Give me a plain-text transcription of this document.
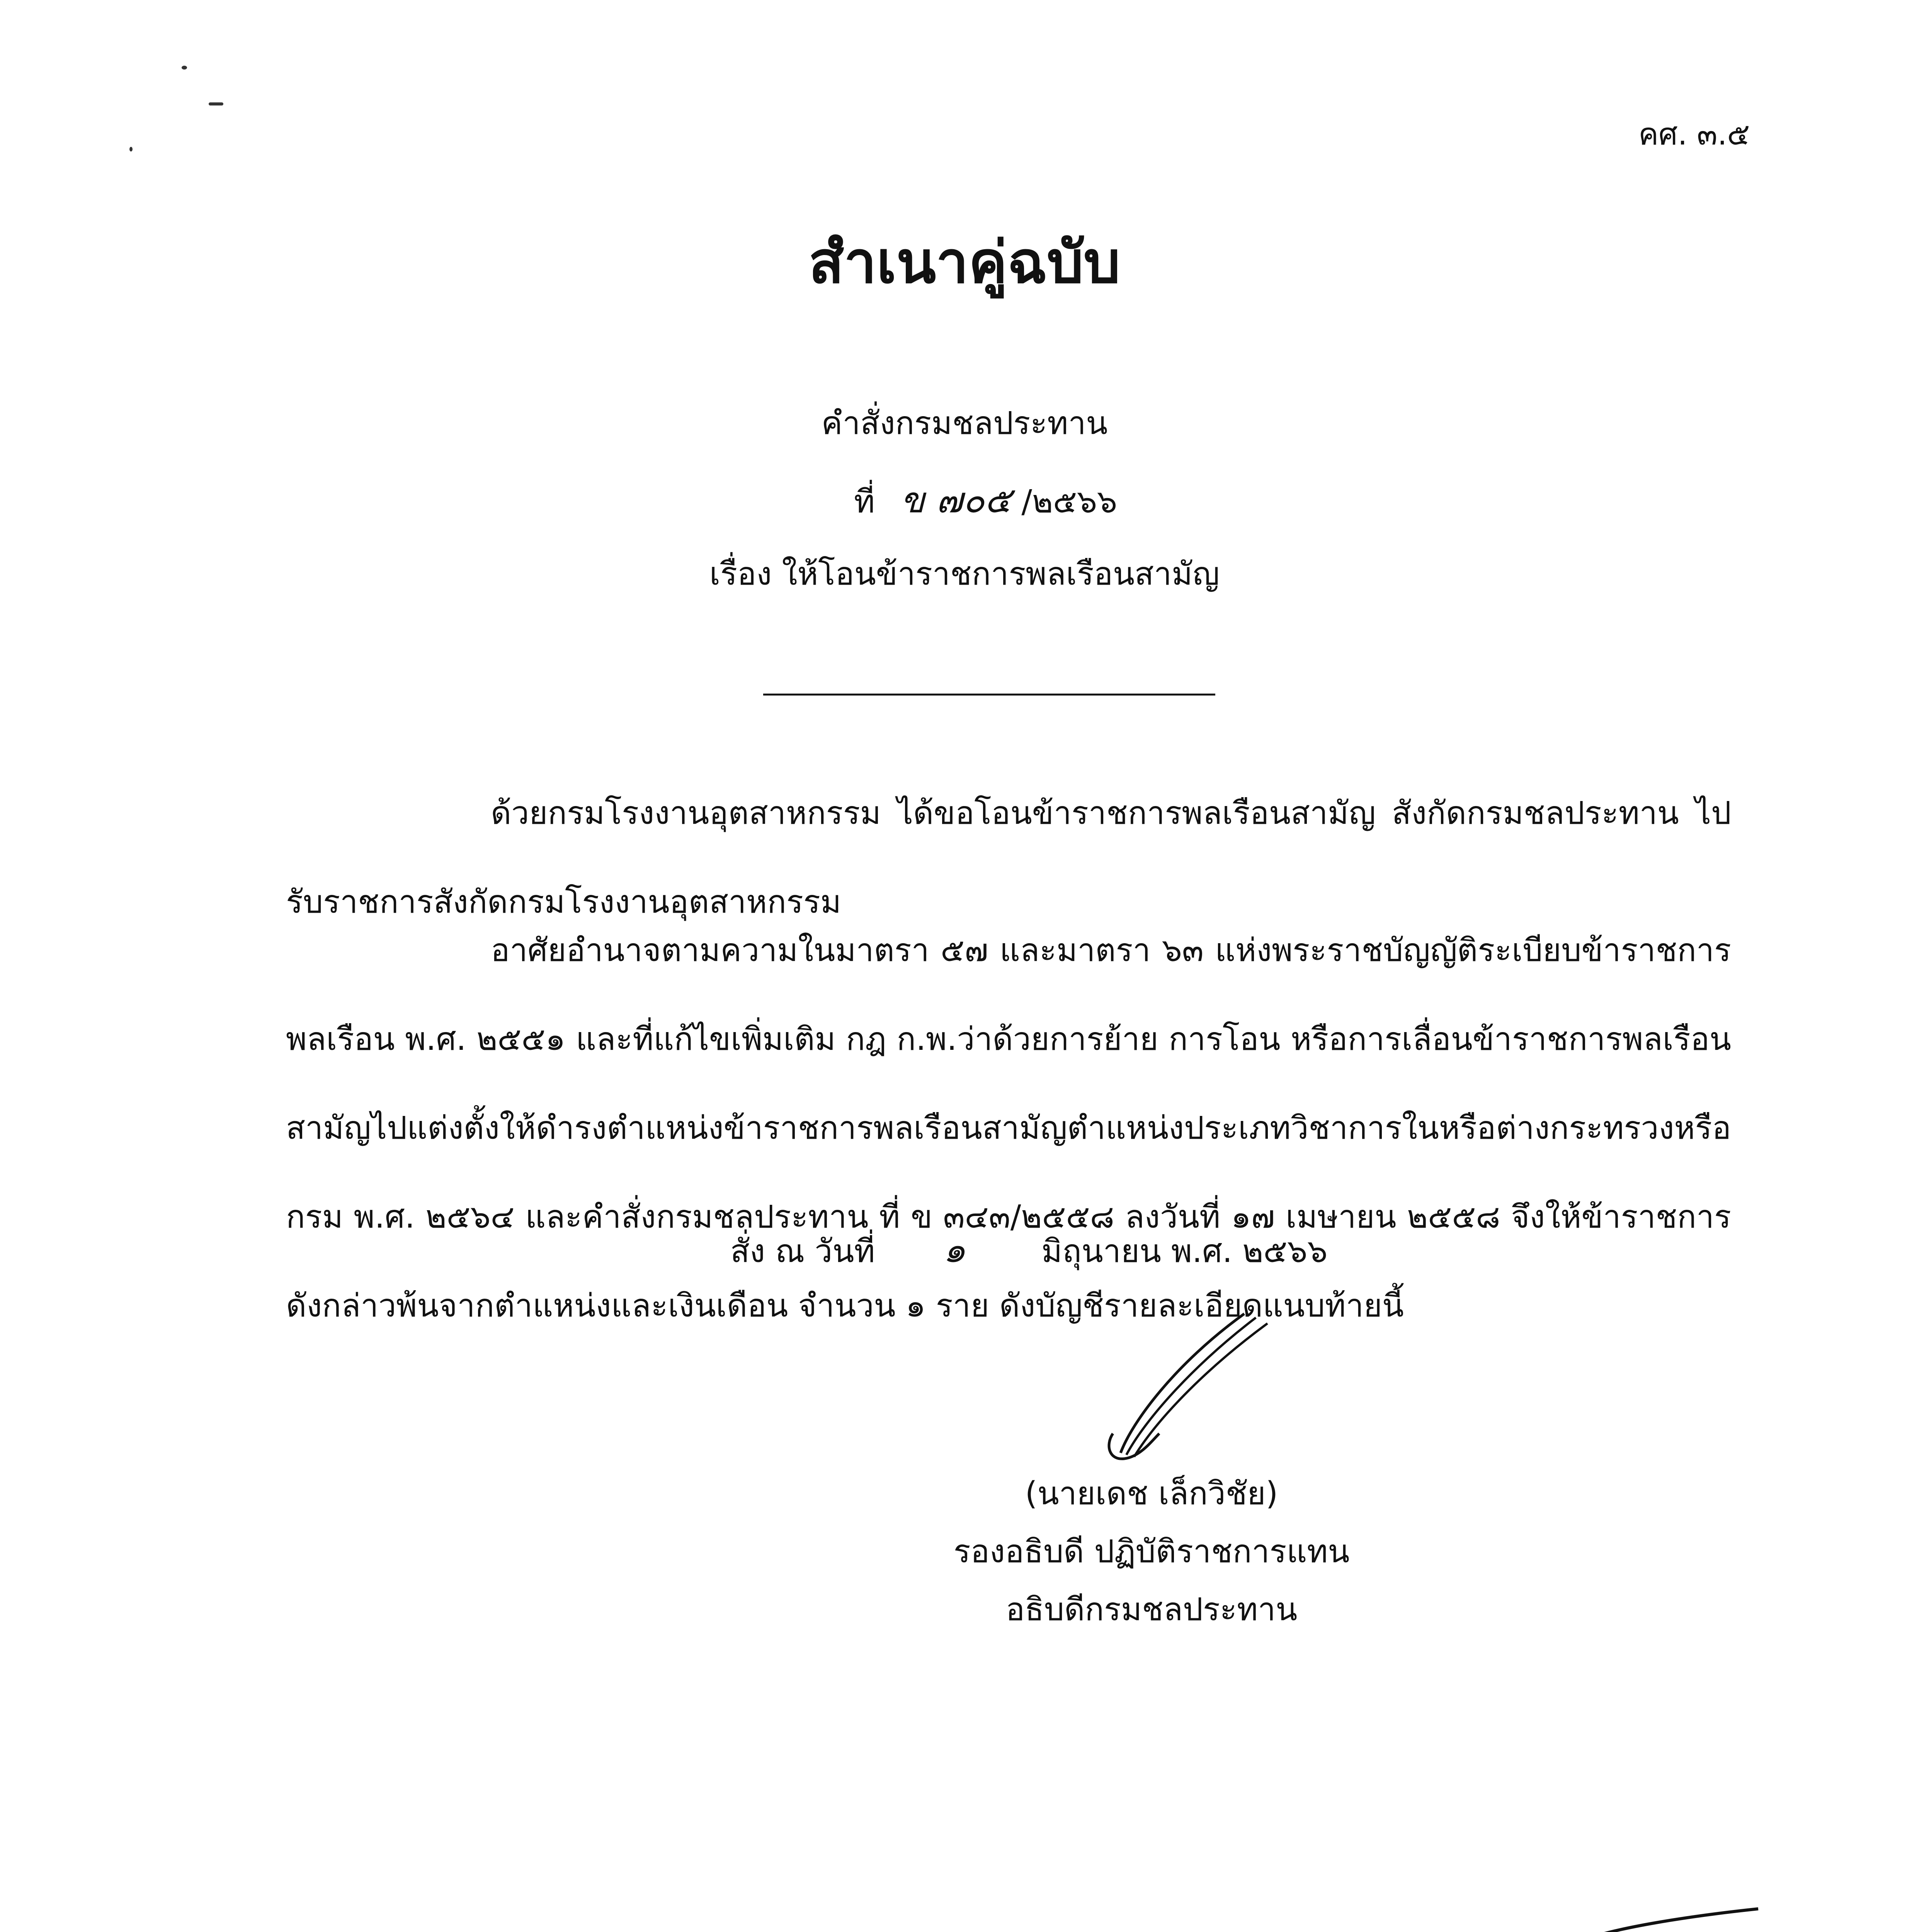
คศ. ๓.๕
สำเนาคู่ฉบับ
คำสั่งกรมชลประทาน
ที่ ข ๗๐๕ /๒๕๖๖
เรื่อง ให้โอนข้าราชการพลเรือนสามัญ
ด้วยกรมโรงงานอุตสาหกรรม ได้ขอโอนข้าราชการพลเรือนสามัญ สังกัดกรมชลประทาน ไปรับราชการสังกัดกรมโรงงานอุตสาหกรรม
อาศัยอำนาจตามความในมาตรา ๕๗ และมาตรา ๖๓ แห่งพระราชบัญญัติระเบียบข้าราชการพลเรือน พ.ศ. ๒๕๕๑ และที่แก้ไขเพิ่มเติม กฎ ก.พ.ว่าด้วยการย้าย การโอน หรือการเลื่อนข้าราชการพลเรือนสามัญไปแต่งตั้งให้ดำรงตำแหน่งข้าราชการพลเรือนสามัญตำแหน่งประเภทวิชาการในหรือต่างกระทรวงหรือกรม พ.ศ. ๒๕๖๔ และคำสั่งกรมชลประทาน ที่ ข ๓๔๓/๒๕๕๘ ลงวันที่ ๑๗ เมษายน ๒๕๕๘ จึงให้ข้าราชการดังกล่าวพ้นจากตำแหน่งและเงินเดือน จำนวน ๑ ราย ดังบัญชีรายละเอียดแนบท้ายนี้
สั่ง ณ วันที่ ๑ มิถุนายน พ.ศ. ๒๕๖๖
(นายเดช เล็กวิชัย)
รองอธิบดี ปฏิบัติราชการแทน
อธิบดีกรมชลประทาน
